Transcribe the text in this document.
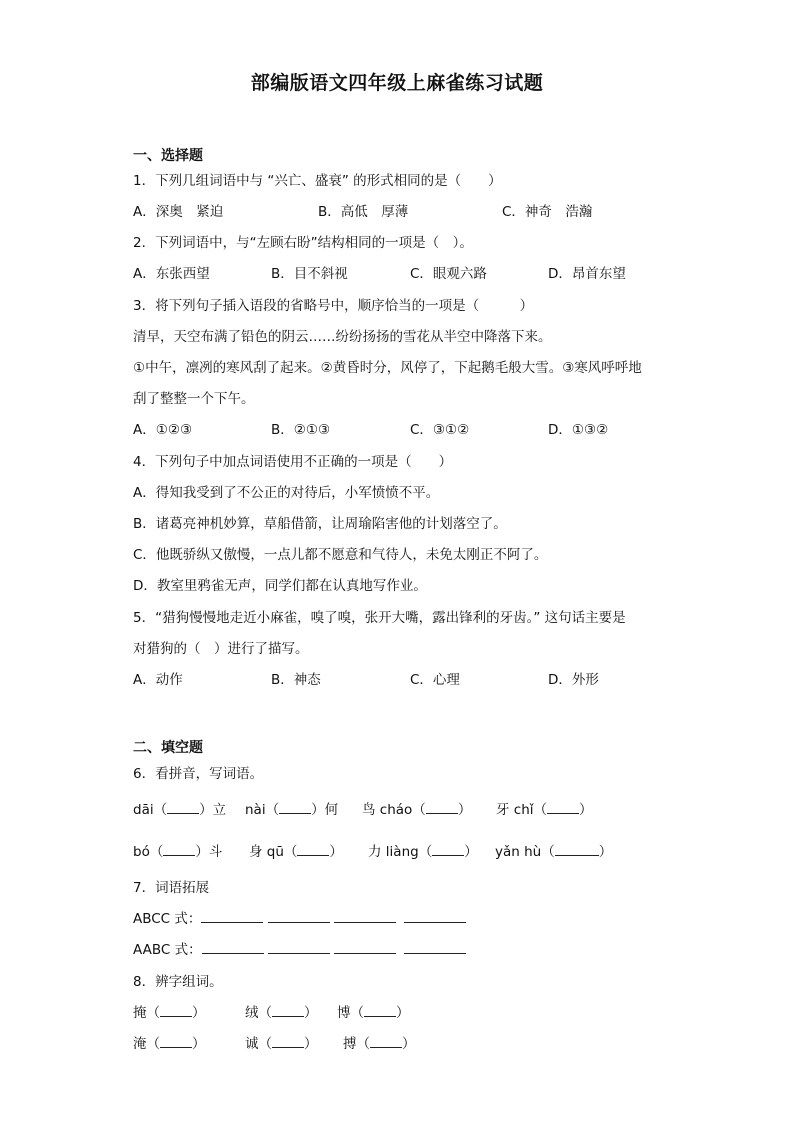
部编版语文四年级上麻雀练习试题
一、选择题
1．下列几组词语中与 “兴亡、盛衰” 的形式相同的是（　　）
A．深奥　紧迫	B．高低　厚薄	C．神奇　浩瀚
2．下列词语中，与“左顾右盼”结构相同的一项是（　）。
A．东张西望	B．目不斜视	C．眼观六路	D．昂首东望
3．将下列句子插入语段的省略号中，顺序恰当的一项是（　　　）
清早，天空布满了铅色的阴云……纷纷扬扬的雪花从半空中降落下来。
①中午，凛冽的寒风刮了起来。②黄昏时分，风停了，下起鹅毛般大雪。③寒风呼呼地
刮了整整一个下午。
A．①②③	B．②①③	C．③①②	D．①③②
4．下列句子中加点词语使用不正确的一项是（　　）
A．得知我受到了不公正的对待后，小军愤愤不平。
B．诸葛亮神机妙算，草船借箭，让周瑜陷害他的计划落空了。
C．他既骄纵又傲慢，一点儿都不愿意和气待人，未免太刚正不阿了。
D．教室里鸦雀无声，同学们都在认真地写作业。
5．“猎狗慢慢地走近小麻雀，嗅了嗅，张开大嘴，露出锋利的牙齿。” 这句话主要是
对猎狗的（　）进行了描写。
A．动作	B．神态	C．心理	D．外形
二、填空题
6．看拼音，写词语。
dāi（ ）立 nài（ ）何 鸟 cháo（ ） 牙 chǐ（ ）
bó（ ）斗 身 qū（ ） 力 liàng（ ） yǎn hù（	）
7．词语拓展
ABCC 式：
AABC 式：
8．辨字组词。
掩（ ）	绒（ ） 博（ ）
淹（ ）	诚（ ） 搏（ ）
